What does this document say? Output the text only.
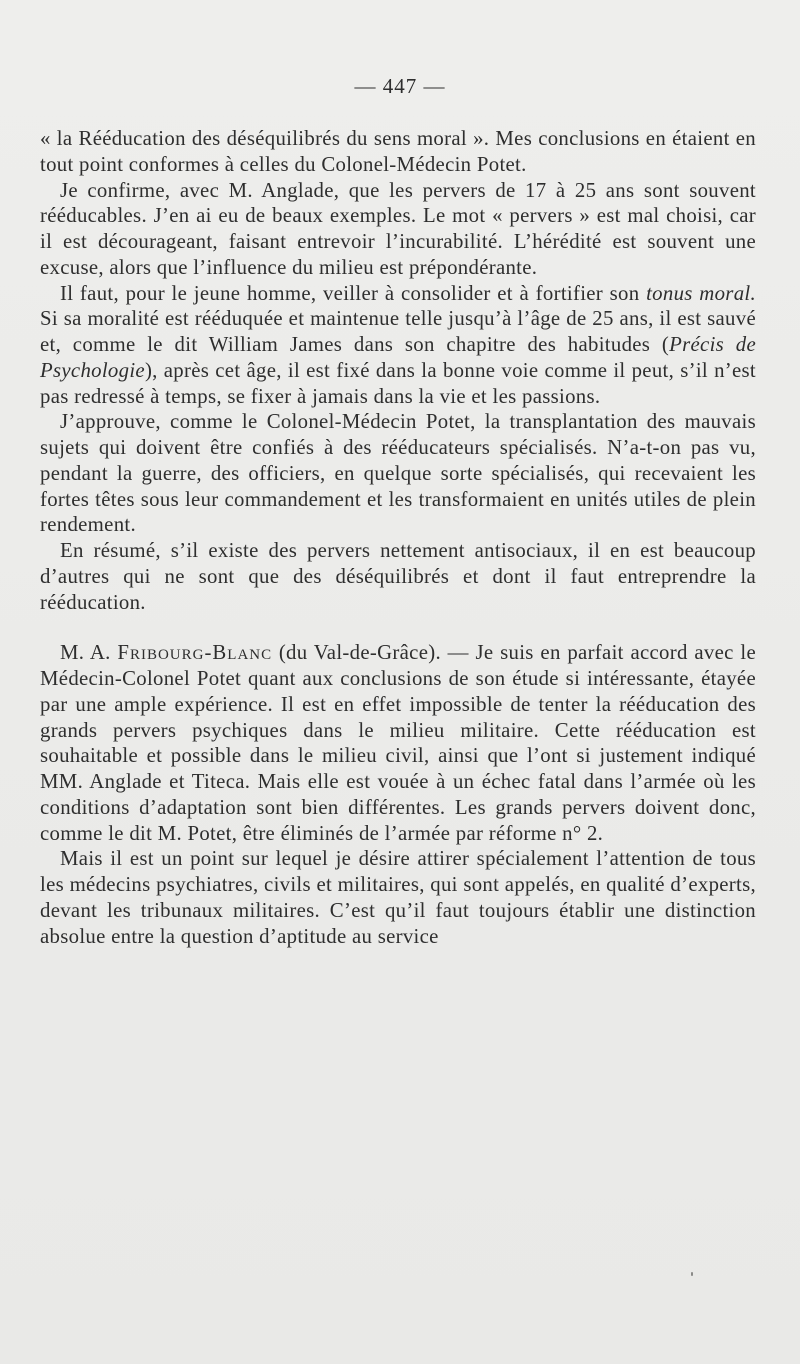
— 447 —

« la Rééducation des déséquilibrés du sens moral ». Mes conclusions en étaient en tout point conformes à celles du Colonel-Médecin Potet.

Je confirme, avec M. Anglade, que les pervers de 17 à 25 ans sont souvent rééducables. J’en ai eu de beaux exemples. Le mot « pervers » est mal choisi, car il est décourageant, faisant entrevoir l’incurabilité. L’hérédité est souvent une excuse, alors que l’influence du milieu est prépondérante.

Il faut, pour le jeune homme, veiller à consolider et à fortifier son tonus moral. Si sa moralité est rééduquée et maintenue telle jusqu’à l’âge de 25 ans, il est sauvé et, comme le dit William James dans son chapitre des habitudes (Précis de Psychologie), après cet âge, il est fixé dans la bonne voie comme il peut, s’il n’est pas redressé à temps, se fixer à jamais dans la vie et les passions.

J’approuve, comme le Colonel-Médecin Potet, la transplantation des mauvais sujets qui doivent être confiés à des rééducateurs spécialisés. N’a-t-on pas vu, pendant la guerre, des officiers, en quelque sorte spécialisés, qui recevaient les fortes têtes sous leur commandement et les transformaient en unités utiles de plein rendement.

En résumé, s’il existe des pervers nettement antisociaux, il en est beaucoup d’autres qui ne sont que des déséquilibrés et dont il faut entreprendre la rééducation.

M. A. Fribourg-Blanc (du Val-de-Grâce). — Je suis en parfait accord avec le Médecin-Colonel Potet quant aux conclusions de son étude si intéressante, étayée par une ample expérience. Il est en effet impossible de tenter la rééducation des grands pervers psychiques dans le milieu militaire. Cette rééducation est souhaitable et possible dans le milieu civil, ainsi que l’ont si justement indiqué MM. Anglade et Titeca. Mais elle est vouée à un échec fatal dans l’armée où les conditions d’adaptation sont bien différentes. Les grands pervers doivent donc, comme le dit M. Potet, être éliminés de l’armée par réforme n° 2.

Mais il est un point sur lequel je désire attirer spécialement l’attention de tous les médecins psychiatres, civils et militaires, qui sont appelés, en qualité d’experts, devant les tribunaux militaires. C’est qu’il faut toujours établir une distinction absolue entre la question d’aptitude au service
